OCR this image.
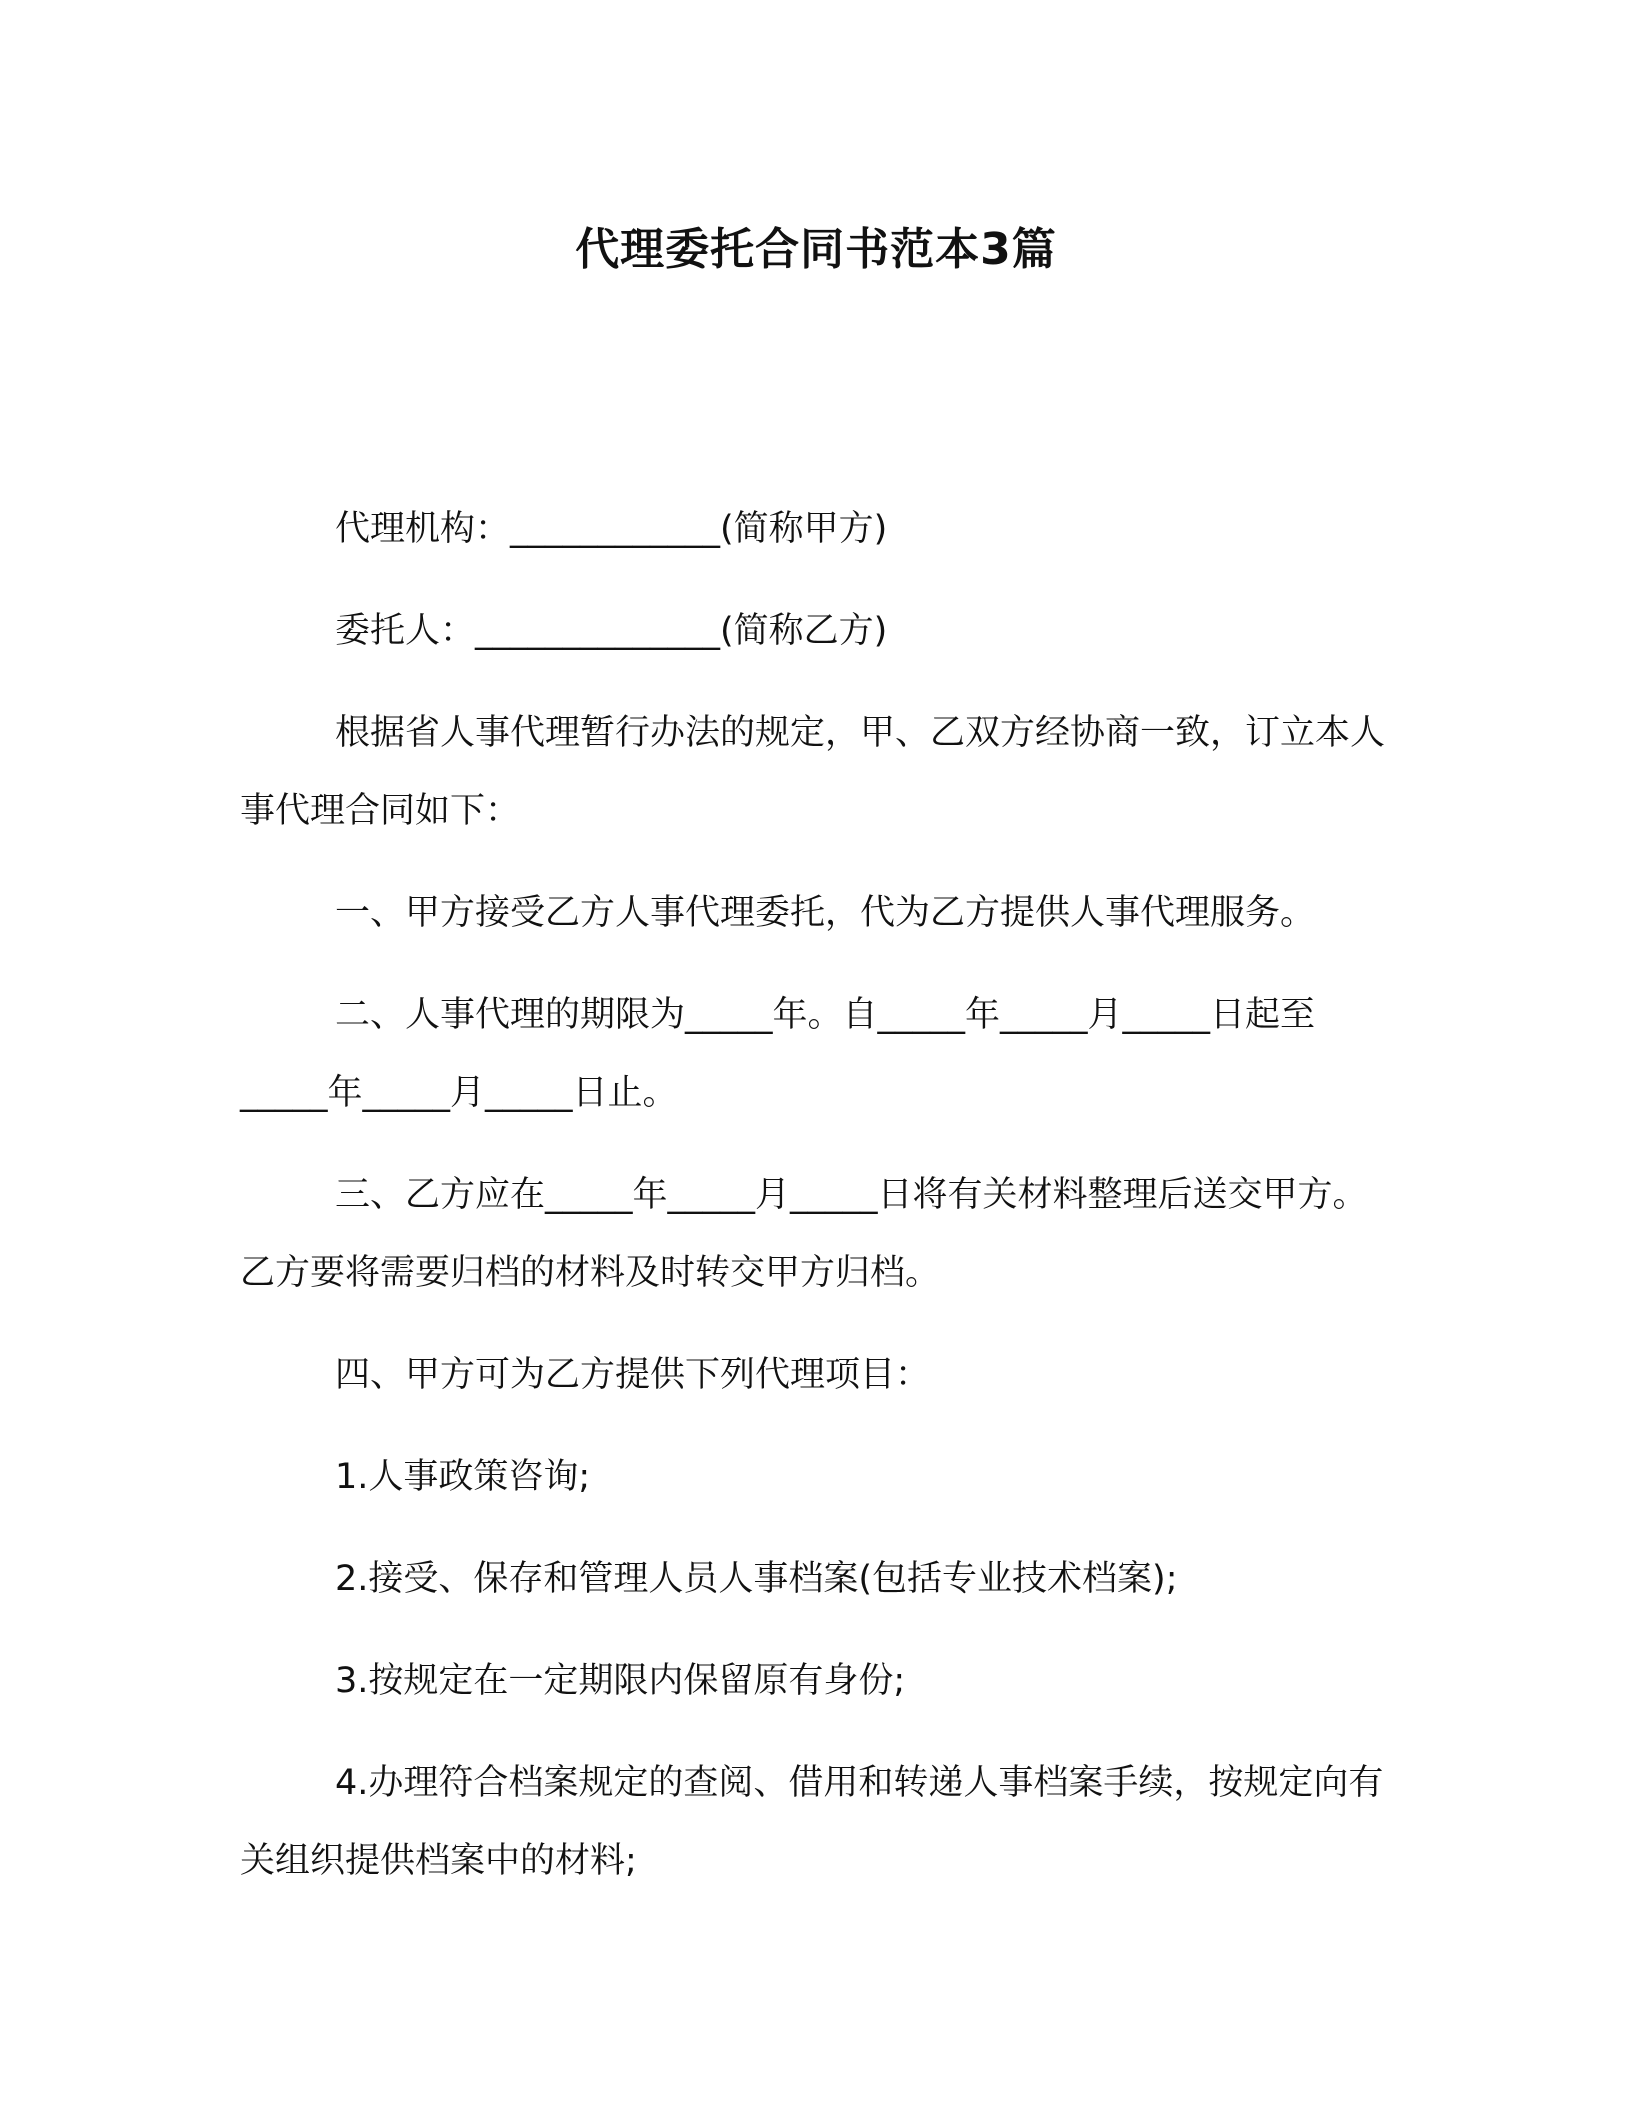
代理委托合同书范本3篇

代理机构：____________(简称甲方)

委托人：______________(简称乙方)

根据省人事代理暂行办法的规定，甲、乙双方经协商一致，订立本人事代理合同如下：

一、甲方接受乙方人事代理委托，代为乙方提供人事代理服务。

二、人事代理的期限为_____年。自_____年_____月_____日起至_____年_____月_____日止。

三、乙方应在_____年_____月_____日将有关材料整理后送交甲方。乙方要将需要归档的材料及时转交甲方归档。

四、甲方可为乙方提供下列代理项目：

1.人事政策咨询;

2.接受、保存和管理人员人事档案(包括专业技术档案);

3.按规定在一定期限内保留原有身份;

4.办理符合档案规定的查阅、借用和转递人事档案手续，按规定向有关组织提供档案中的材料;
